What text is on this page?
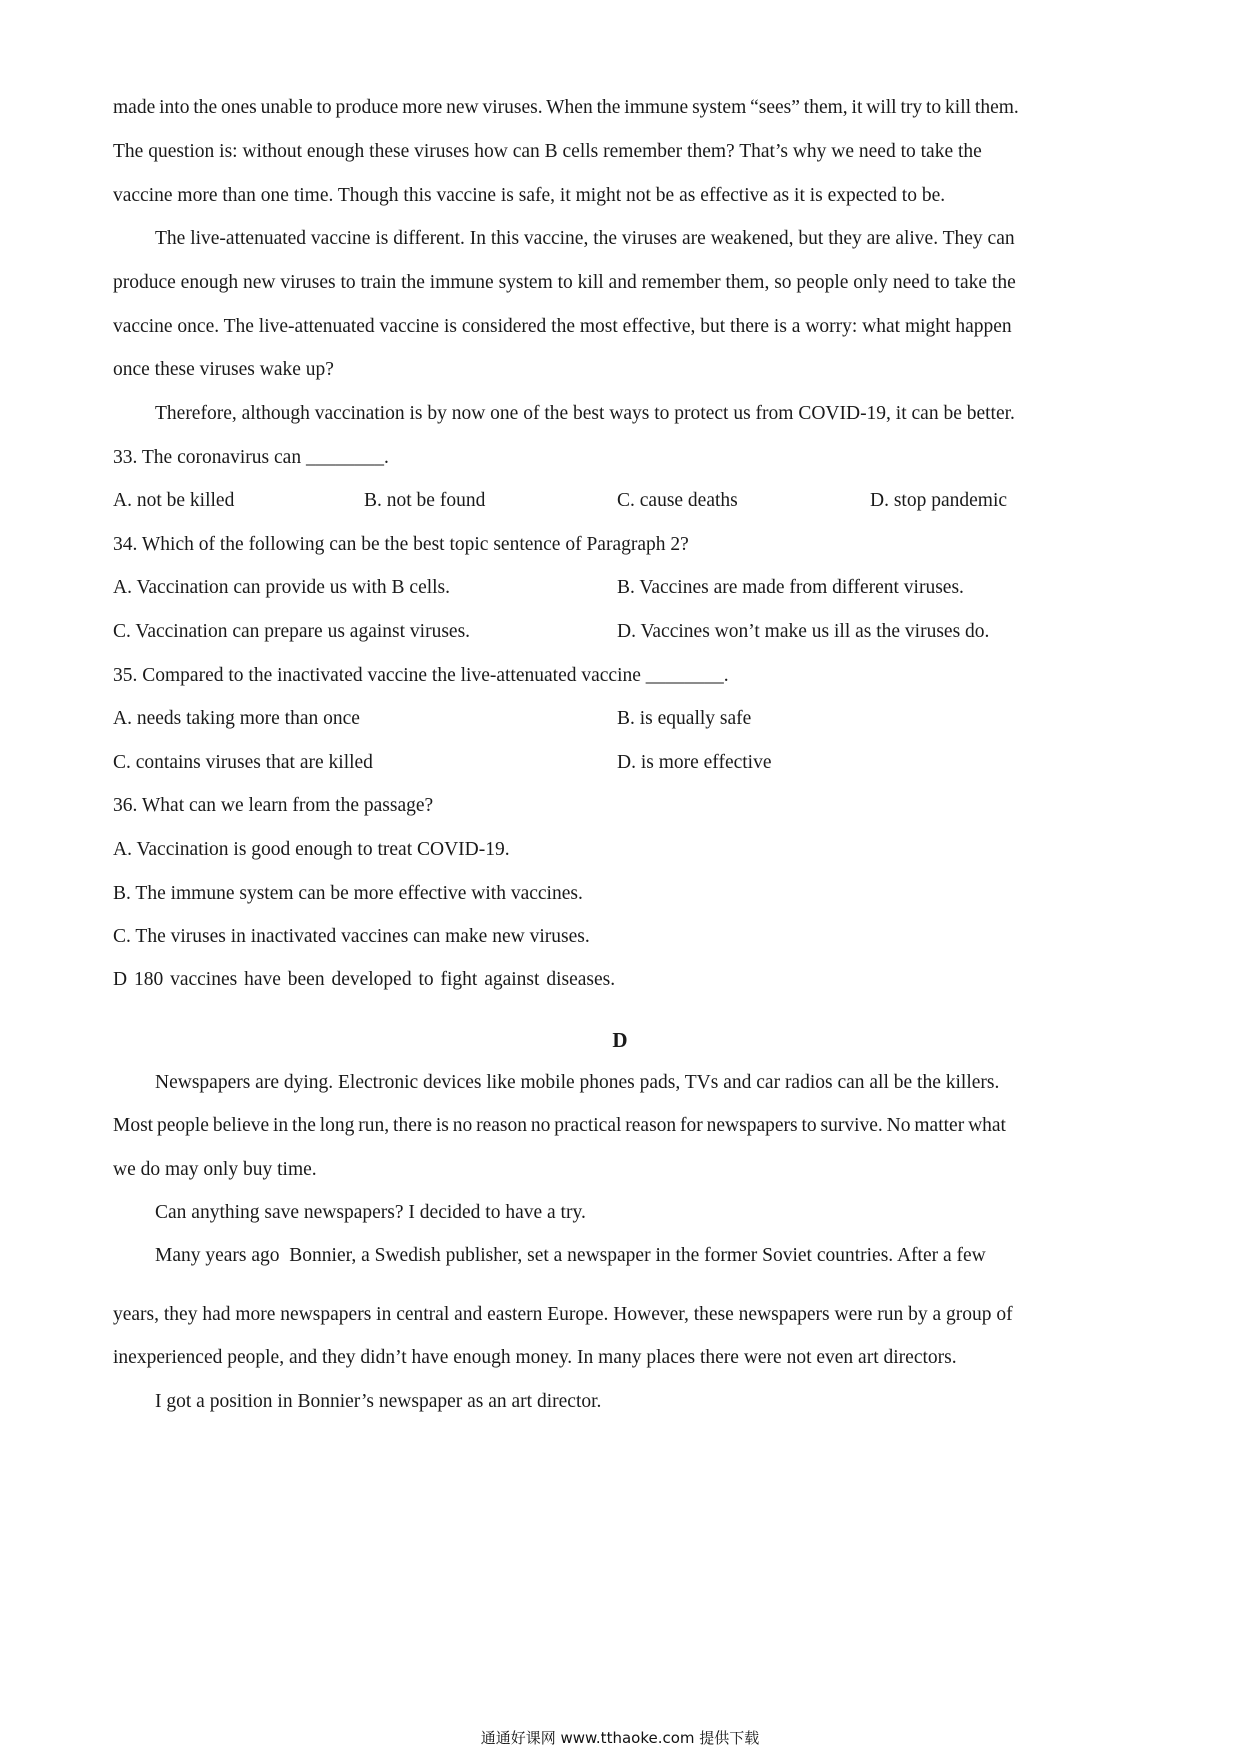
made into the ones unable to produce more new viruses. When the immune system “sees” them, it will try to kill them.

The question is: without enough these viruses how can B cells remember them? That’s why we need to take the

vaccine more than one time. Though this vaccine is safe, it might not be as effective as it is expected to be.

The live-attenuated vaccine is different. In this vaccine, the viruses are weakened, but they are alive. They can

produce enough new viruses to train the immune system to kill and remember them, so people only need to take the

vaccine once. The live-attenuated vaccine is considered the most effective, but there is a worry: what might happen

once these viruses wake up?

Therefore, although vaccination is by now one of the best ways to protect us from COVID-19, it can be better.

33. The coronavirus can ________.

A. not be killed	B. not be found	C. cause deaths	D. stop pandemic

34. Which of the following can be the best topic sentence of Paragraph 2?

A. Vaccination can provide us with B cells.	B. Vaccines are made from different viruses.

C. Vaccination can prepare us against viruses.	D. Vaccines won’t make us ill as the viruses do.

35. Compared to the inactivated vaccine the live-attenuated vaccine ________.

A. needs taking more than once	B. is equally safe

C. contains viruses that are killed	D. is more effective

36. What can we learn from the passage?

A. Vaccination is good enough to treat COVID-19.

B. The immune system can be more effective with vaccines.

C. The viruses in inactivated vaccines can make new viruses.

D 180 vaccines have been developed to fight against diseases.

D

Newspapers are dying. Electronic devices like mobile phones pads, TVs and car radios can all be the killers.

Most people believe in the long run, there is no reason no practical reason for newspapers to survive. No matter what

we do may only buy time.

Can anything save newspapers? I decided to have a try.

Many years ago  Bonnier, a Swedish publisher, set a newspaper in the former Soviet countries. After a few

years, they had more newspapers in central and eastern Europe. However, these newspapers were run by a group of

inexperienced people, and they didn’t have enough money. In many places there were not even art directors.

I got a position in Bonnier’s newspaper as an art director.

通通好课网 www.tthaoke.com 提供下载
